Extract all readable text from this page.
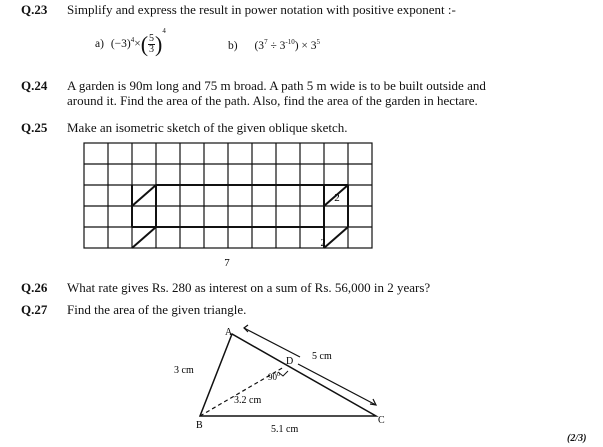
Q.23 Simplify and express the result in power notation with positive exponent :-
a) $(-3)^4\times( \frac{5}{3} )^4$
b) $(3^7 \div 3^{-10}) \times 3^5$
Q.24 A garden is 90m long and 75 m broad. A path 5 m wide is to be built outside and
around it. Find the area of the path. Also, find the area of the garden in hectare.
Q.25 Make an isometric sketch of the given oblique sketch.
2
2
7
Q.26 What rate gives Rs. 280 as interest on a sum of Rs. 56,000 in 2 years?
Q.27 Find the area of the given triangle.
A
B	C
D
3 cm
5 cm
$90^0$
3.2 cm
5.1 cm
(2/3)
